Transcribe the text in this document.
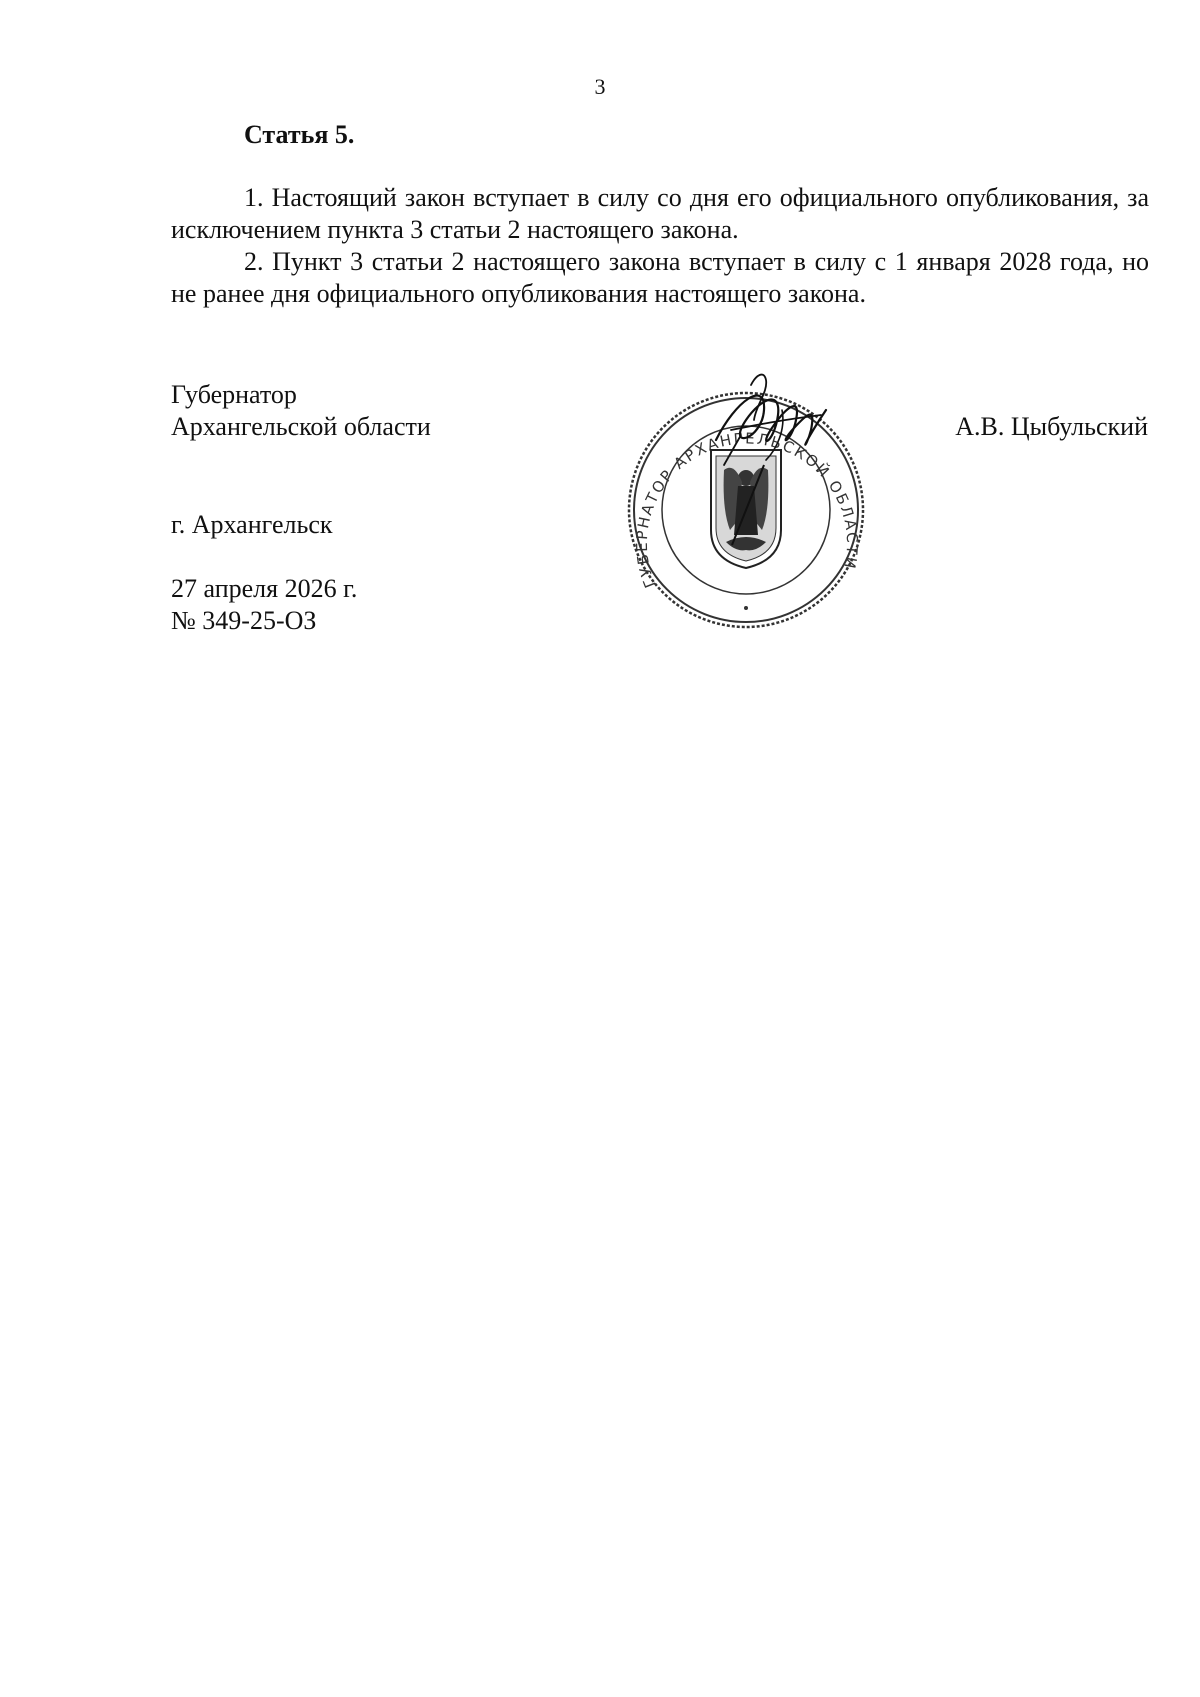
3
Статья 5.

1. Настоящий закон вступает в силу со дня его официального опубликования, за исключением пункта 3 статьи 2 настоящего закона.

2. Пункт 3 статьи 2 настоящего закона вступает в силу с 1 января 2028 года, но не ранее дня официального опубликования настоящего закона.

Губернатор
Архангельской области
ГУБЕРНАТОР АРХАНГЕЛЬСКОЙ ОБЛАСТИ
А.В. Цыбульский
г. Архангельск
27 апреля 2026 г.
№ 349-25-ОЗ
